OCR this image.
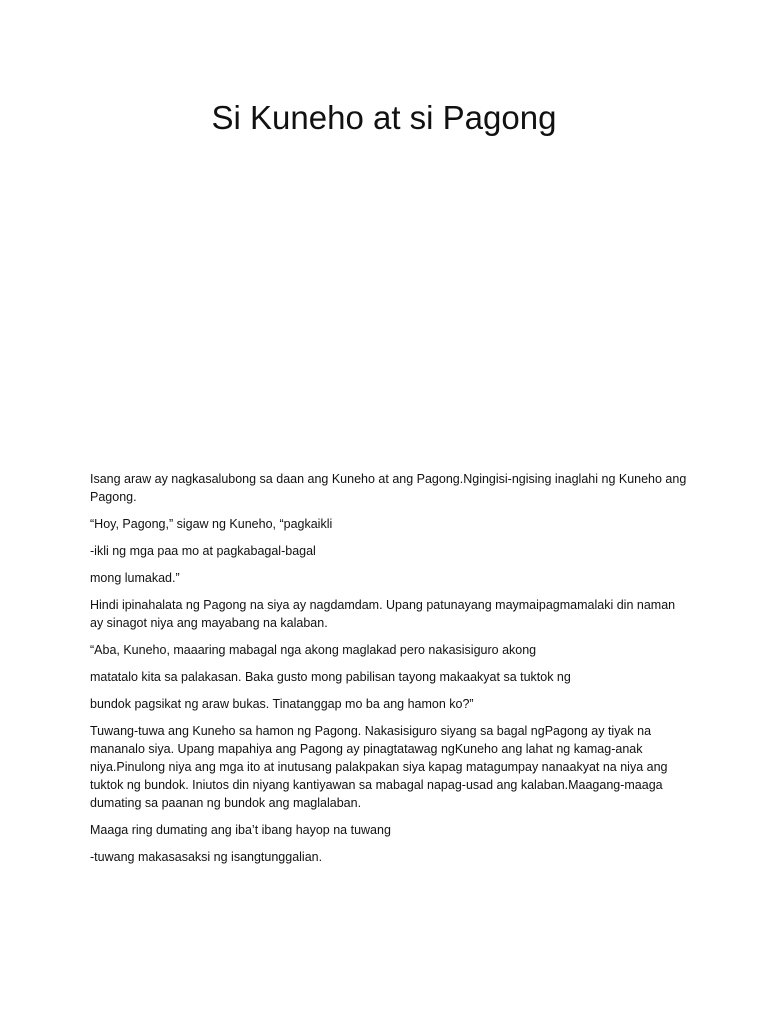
Si Kuneho at si Pagong

Isang araw ay nagkasalubong sa daan ang Kuneho at ang Pagong.Ngingisi-ngising inaglahi ng Kuneho ang Pagong.

“Hoy, Pagong,” sigaw ng Kuneho, “pagkaikli

-ikli ng mga paa mo at pagkabagal-bagal

mong lumakad.”

Hindi ipinahalata ng Pagong na siya ay nagdamdam. Upang patunayang maymaipagmamalaki din naman ay sinagot niya ang mayabang na kalaban.

“Aba, Kuneho, maaaring mabagal nga akong maglakad pero nakasisiguro akong

matatalo kita sa palakasan. Baka gusto mong pabilisan tayong makaakyat sa tuktok ng

bundok pagsikat ng araw bukas. Tinatanggap mo ba ang hamon ko?”

Tuwang-tuwa ang Kuneho sa hamon ng Pagong. Nakasisiguro siyang sa bagal ngPagong ay tiyak na mananalo siya. Upang mapahiya ang Pagong ay pinagtatawag ngKuneho ang lahat ng kamag-anak niya.Pinulong niya ang mga ito at inutusang palakpakan siya kapag matagumpay nanaakyat na niya ang tuktok ng bundok. Iniutos din niyang kantiyawan sa mabagal napag-usad ang kalaban.Maagang-maaga dumating sa paanan ng bundok ang maglalaban.

Maaga ring dumating ang iba’t ibang hayop na tuwang

-tuwang makasasaksi ng isangtunggalian.
